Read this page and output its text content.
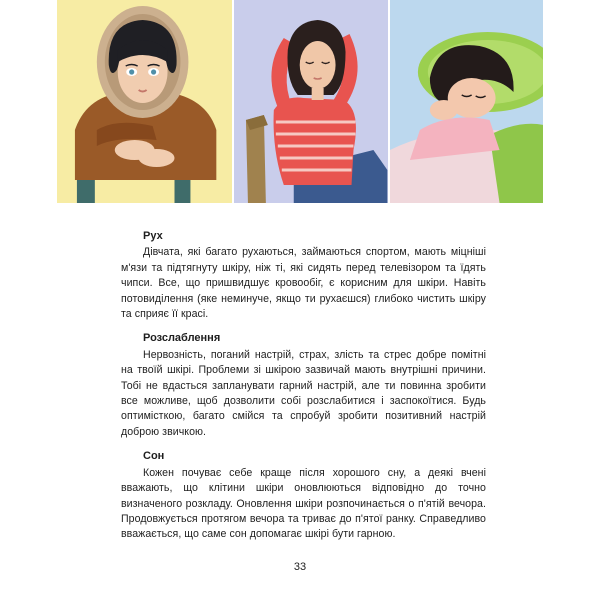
Рух

Дівчата, які багато рухаються, займаються спортом, мають міцніші м'язи та підтягнуту шкіру, ніж ті, які сидять перед телевізором та їдять чипси. Все, що пришвидшує кровообіг, є корисним для шкіри. Навіть потовиділення (яке неминуче, якщо ти рухаєшся) глибоко чистить шкіру та сприяє її красі.

Розслаблення

Нервозність, поганий настрій, страх, злість та стрес добре помітні на твоїй шкірі. Проблеми зі шкірою зазвичай мають внутрішні причини. Тобі не вдасться запланувати гарний настрій, але ти повинна зробити все можливе, щоб дозволити собі розслабитися і заспокоїтися. Будь оптимісткою, багато смійся та спробуй зробити позитивний настрій доброю звичкою.

Сон

Кожен почуває себе краще після хорошого сну, а деякі вчені вважають, що клітини шкіри оновлюються відповідно до точно визначеного розкладу. Оновлення шкіри розпочинається о п'ятій вечора. Продовжується протягом вечора та триває до п'ятої ранку. Справедливо вважається, що саме сон допомагає шкірі бути гарною.

33
